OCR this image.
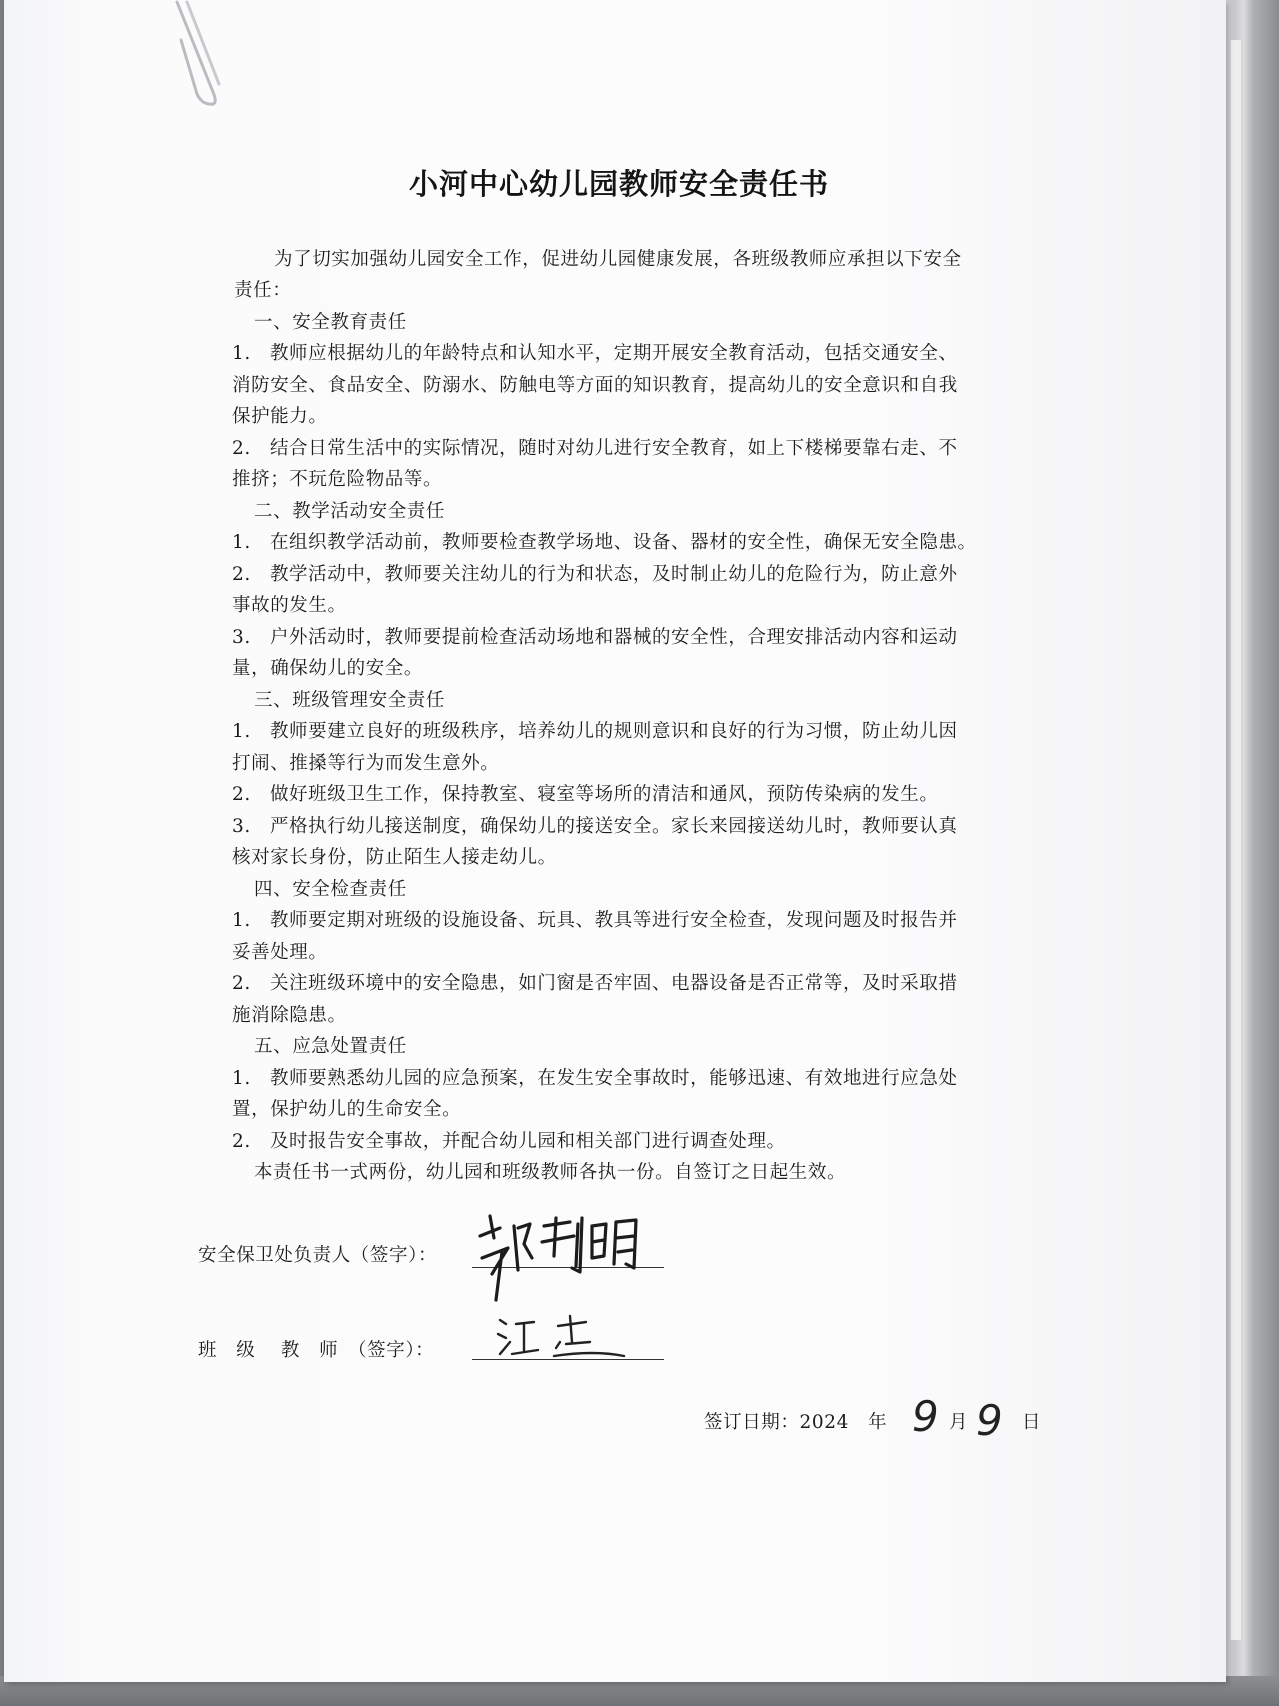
小河中心幼儿园教师安全责任书
为了切实加强幼儿园安全工作，促进幼儿园健康发展，各班级教师应承担以下安全
责任：
一、安全教育责任
1.　教师应根据幼儿的年龄特点和认知水平，定期开展安全教育活动，包括交通安全、
消防安全、食品安全、防溺水、防触电等方面的知识教育，提高幼儿的安全意识和自我
保护能力。
2.　结合日常生活中的实际情况，随时对幼儿进行安全教育，如上下楼梯要靠右走、不
推挤；不玩危险物品等。
二、教学活动安全责任
1.　在组织教学活动前，教师要检查教学场地、设备、器材的安全性，确保无安全隐患。
2.　教学活动中，教师要关注幼儿的行为和状态，及时制止幼儿的危险行为，防止意外
事故的发生。
3.　户外活动时，教师要提前检查活动场地和器械的安全性，合理安排活动内容和运动
量，确保幼儿的安全。
三、班级管理安全责任
1.　教师要建立良好的班级秩序，培养幼儿的规则意识和良好的行为习惯，防止幼儿因
打闹、推搡等行为而发生意外。
2.　做好班级卫生工作，保持教室、寝室等场所的清洁和通风，预防传染病的发生。
3.　严格执行幼儿接送制度，确保幼儿的接送安全。家长来园接送幼儿时，教师要认真
核对家长身份，防止陌生人接走幼儿。
四、安全检查责任
1.　教师要定期对班级的设施设备、玩具、教具等进行安全检查，发现问题及时报告并
妥善处理。
2.　关注班级环境中的安全隐患，如门窗是否牢固、电器设备是否正常等，及时采取措
施消除隐患。
五、应急处置责任
1.　教师要熟悉幼儿园的应急预案，在发生安全事故时，能够迅速、有效地进行应急处
置，保护幼儿的生命安全。
2.　及时报告安全事故，并配合幼儿园和相关部门进行调查处理。
本责任书一式两份，幼儿园和班级教师各执一份。自签订之日起生效。
安全保卫处负责人（签字）：
班　级　 教　师　（签字）：
签订日期：2024　年 9 月 9 日
